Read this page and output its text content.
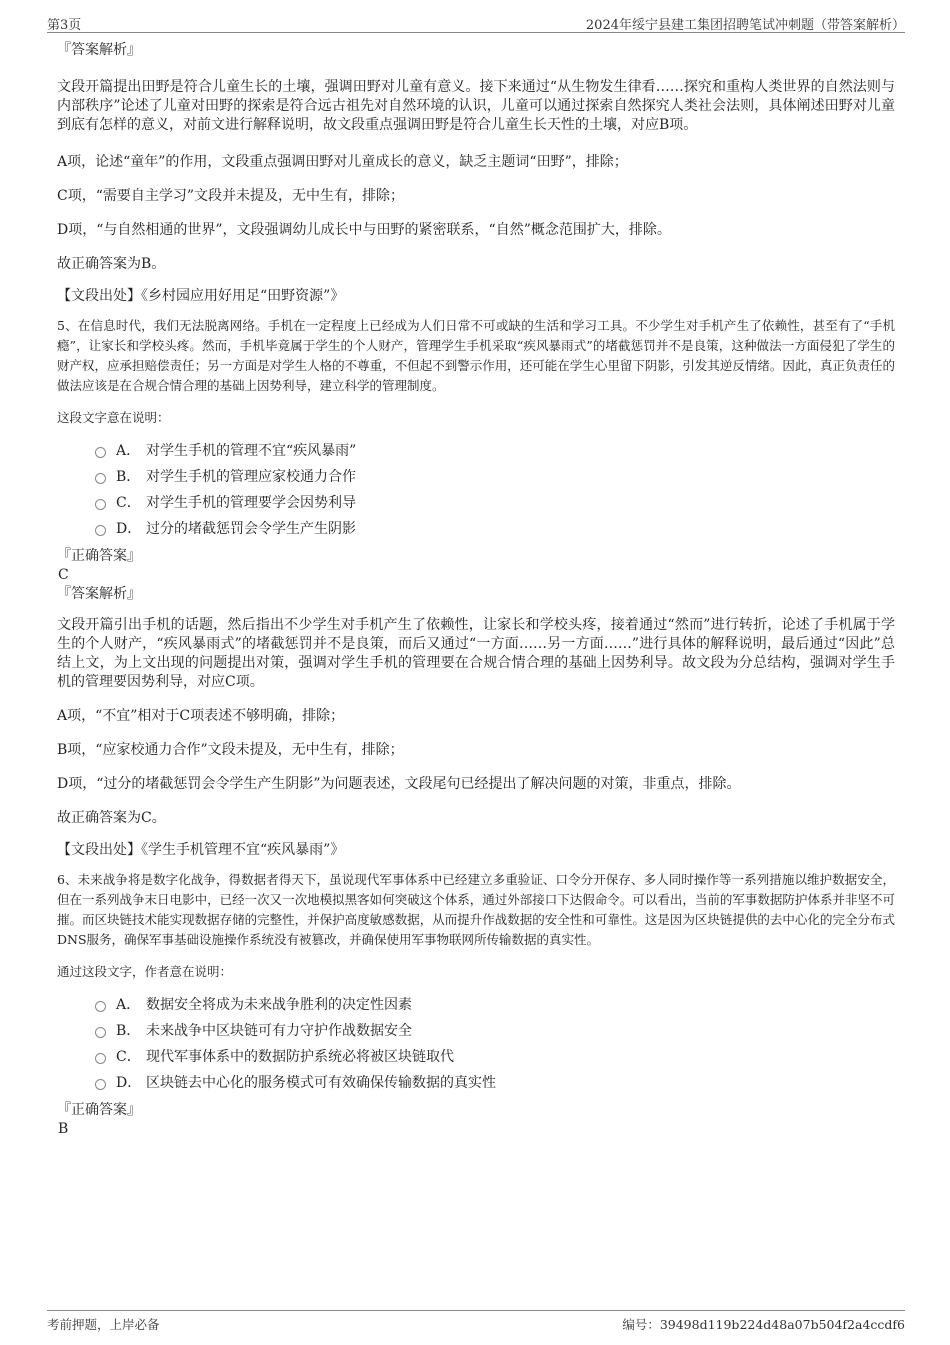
第3页	2024年绥宁县建工集团招聘笔试冲刺题（带答案解析）
『答案解析』

文段开篇提出田野是符合儿童生长的土壤，强调田野对儿童有意义。接下来通过“从生物发生律看……探究和重构人类世界的自然法则与内部秩序”论述了儿童对田野的探索是符合远古祖先对自然环境的认识，儿童可以通过探索自然探究人类社会法则，具体阐述田野对儿童到底有怎样的意义，对前文进行解释说明，故文段重点强调田野是符合儿童生长天性的土壤，对应B项。

A项，论述“童年”的作用，文段重点强调田野对儿童成长的意义，缺乏主题词“田野”，排除；

C项，“需要自主学习”文段并未提及，无中生有，排除；

D项，“与自然相通的世界”，文段强调幼儿成长中与田野的紧密联系，“自然”概念范围扩大，排除。

故正确答案为B。

【文段出处】《乡村园应用好用足“田野资源”》

5、在信息时代，我们无法脱离网络。手机在一定程度上已经成为人们日常不可或缺的生活和学习工具。不少学生对手机产生了依赖性，甚至有了“手机瘾”，让家长和学校头疼。然而，手机毕竟属于学生的个人财产，管理学生手机采取“疾风暴雨式”的堵截惩罚并不是良策，这种做法一方面侵犯了学生的财产权，应承担赔偿责任；另一方面是对学生人格的不尊重，不但起不到警示作用，还可能在学生心里留下阴影，引发其逆反情绪。因此，真正负责任的做法应该是在合规合情合理的基础上因势利导，建立科学的管理制度。

这段文字意在说明：

A． 对学生手机的管理不宜“疾风暴雨”
B． 对学生手机的管理应家校通力合作
C． 对学生手机的管理要学会因势利导
D． 过分的堵截惩罚会令学生产生阴影
『正确答案』
C
『答案解析』

文段开篇引出手机的话题，然后指出不少学生对手机产生了依赖性，让家长和学校头疼，接着通过“然而”进行转折，论述了手机属于学生的个人财产，“疾风暴雨式”的堵截惩罚并不是良策，而后又通过“一方面……另一方面……”进行具体的解释说明，最后通过“因此”总结上文，为上文出现的问题提出对策，强调对学生手机的管理要在合规合情合理的基础上因势利导。故文段为分总结构，强调对学生手机的管理要因势利导，对应C项。

A项，“不宜”相对于C项表述不够明确，排除；

B项，“应家校通力合作”文段未提及，无中生有，排除；

D项，“过分的堵截惩罚会令学生产生阴影”为问题表述，文段尾句已经提出了解决问题的对策，非重点，排除。

故正确答案为C。

【文段出处】《学生手机管理不宜“疾风暴雨”》

6、未来战争将是数字化战争，得数据者得天下，虽说现代军事体系中已经建立多重验证、口令分开保存、多人同时操作等一系列措施以维护数据安全，但在一系列战争末日电影中，已经一次又一次地模拟黑客如何突破这个体系，通过外部接口下达假命令。可以看出，当前的军事数据防护体系并非坚不可摧。而区块链技术能实现数据存储的完整性，并保护高度敏感数据，从而提升作战数据的安全性和可靠性。这是因为区块链提供的去中心化的完全分布式DNS服务，确保军事基础设施操作系统没有被篡改，并确保使用军事物联网所传输数据的真实性。

通过这段文字，作者意在说明：

A． 数据安全将成为未来战争胜利的决定性因素
B． 未来战争中区块链可有力守护作战数据安全
C． 现代军事体系中的数据防护系统必将被区块链取代
D． 区块链去中心化的服务模式可有效确保传输数据的真实性
『正确答案』
B
考前押题，上岸必备	编号：39498d119b224d48a07b504f2a4ccdf6
